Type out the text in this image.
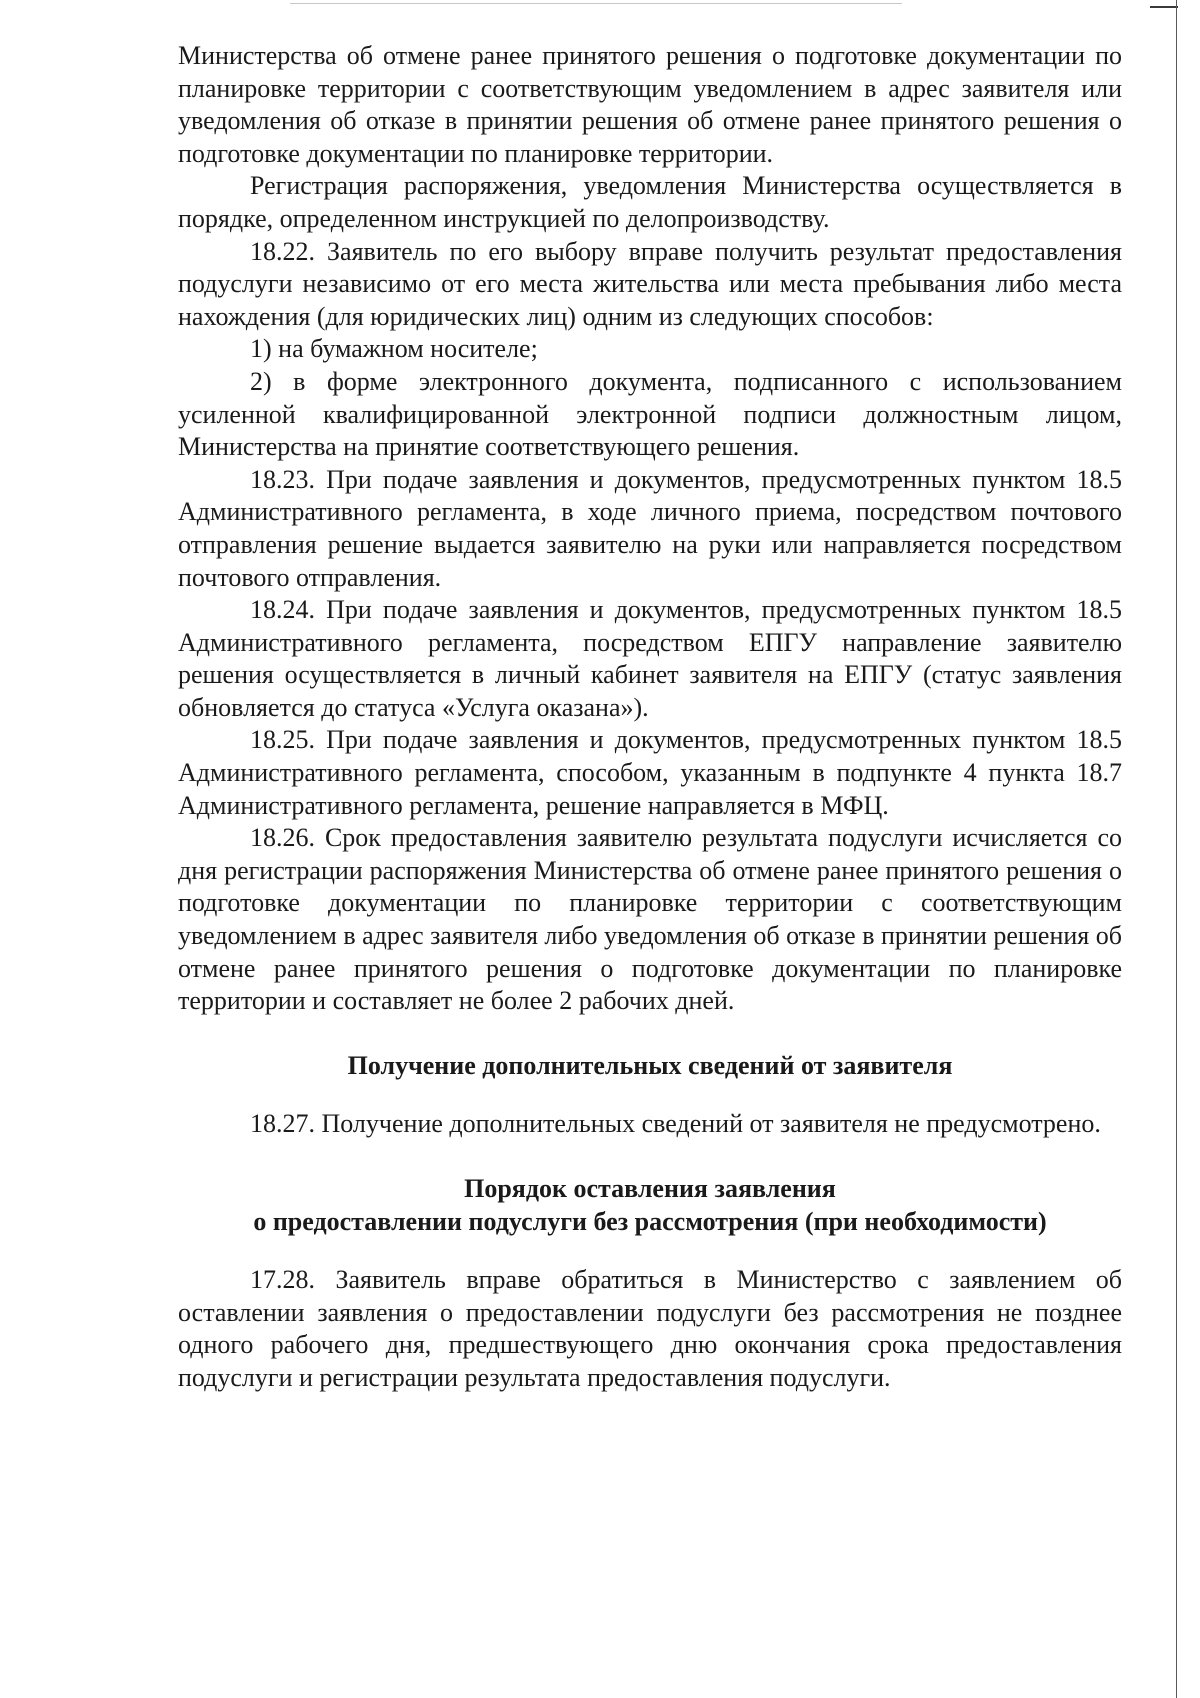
Министерства об отмене ранее принятого решения о подготовке документации по планировке территории с соответствующим уведомлением в адрес заявителя или уведомления об отказе в принятии решения об отмене ранее принятого решения о подготовке документации по планировке территории.

Регистрация распоряжения, уведомления Министерства осуществляется в порядке, определенном инструкцией по делопроизводству.

18.22. Заявитель по его выбору вправе получить результат предоставления подуслуги независимо от его места жительства или места пребывания либо места нахождения (для юридических лиц) одним из следующих способов:

1) на бумажном носителе;

2) в форме электронного документа, подписанного с использованием усиленной квалифицированной электронной подписи должностным лицом, Министерства на принятие соответствующего решения.

18.23. При подаче заявления и документов, предусмотренных пунктом 18.5 Административного регламента, в ходе личного приема, посредством почтового отправления решение выдается заявителю на руки или направляется посредством почтового отправления.

18.24. При подаче заявления и документов, предусмотренных пунктом 18.5 Административного регламента, посредством ЕПГУ направление заявителю решения осуществляется в личный кабинет заявителя на ЕПГУ (статус заявления обновляется до статуса «Услуга оказана»).

18.25. При подаче заявления и документов, предусмотренных пунктом 18.5 Административного регламента, способом, указанным в подпункте 4 пункта 18.7 Административного регламента, решение направляется в МФЦ.

18.26. Срок предоставления заявителю результата подуслуги исчисляется со дня регистрации распоряжения Министерства об отмене ранее принятого решения о подготовке документации по планировке территории с соответствующим уведомлением в адрес заявителя либо уведомления об отказе в принятии решения об отмене ранее принятого решения о подготовке документации по планировке территории и составляет не более 2 рабочих дней.

Получение дополнительных сведений от заявителя

18.27. Получение дополнительных сведений от заявителя не предусмотрено.

Порядок оставления заявления

о предоставлении подуслуги без рассмотрения (при необходимости)

17.28. Заявитель вправе обратиться в Министерство с заявлением об оставлении заявления о предоставлении подуслуги без рассмотрения не позднее одного рабочего дня, предшествующего дню окончания срока предоставления подуслуги и регистрации результата предоставления подуслуги.
